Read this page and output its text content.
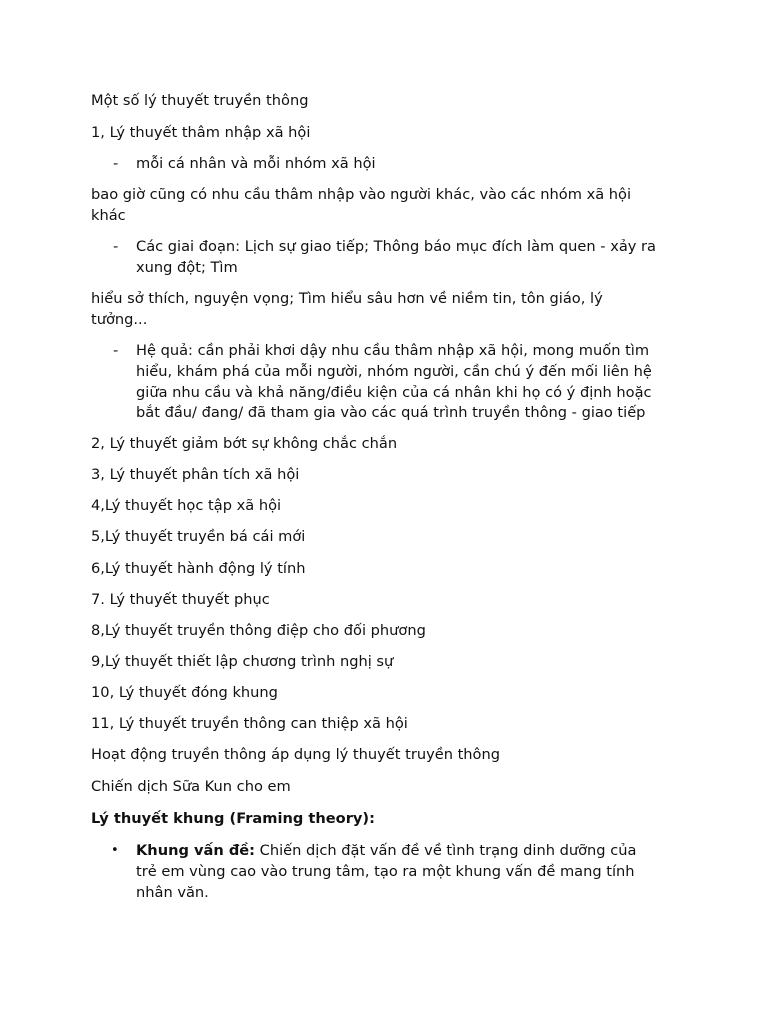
Một số lý thuyết truyền thông
1, Lý thuyết thâm nhập xã hội
- mỗi cá nhân và mỗi nhóm xã hội
bao giờ cũng có nhu cầu thâm nhập vào người khác, vào các nhóm xã hội
khác
- Các giai đoạn: Lịch sự giao tiếp; Thông báo mục đích làm quen - xảy ra
xung đột; Tìm
hiểu sở thích, nguyện vọng; Tìm hiểu sâu hơn về niềm tin, tôn giáo, lý
tưởng...
- Hệ quả: cần phải khơi dậy nhu cầu thâm nhập xã hội, mong muốn tìm
hiểu, khám phá của mỗi người, nhóm người, cần chú ý đến mối liên hệ
giữa nhu cầu và khả năng/điều kiện của cá nhân khi họ có ý định hoặc
bắt đầu/ đang/ đã tham gia vào các quá trình truyền thông - giao tiếp
2, Lý thuyết giảm bớt sự không chắc chắn
3, Lý thuyết phân tích xã hội
4,Lý thuyết học tập xã hội
5,Lý thuyết truyền bá cái mới
6,Lý thuyết hành động lý tính
7. Lý thuyết thuyết phục
8,Lý thuyết truyền thông điệp cho đối phương
9,Lý thuyết thiết lập chương trình nghị sự
10, Lý thuyết đóng khung
11, Lý thuyết truyền thông can thiệp xã hội
Hoạt động truyền thông áp dụng lý thuyết truyền thông
Chiến dịch Sữa Kun cho em
Lý thuyết khung (Framing theory):
• Khung vấn đề: Chiến dịch đặt vấn đề về tình trạng dinh dưỡng của
trẻ em vùng cao vào trung tâm, tạo ra một khung vấn đề mang tính
nhân văn.
